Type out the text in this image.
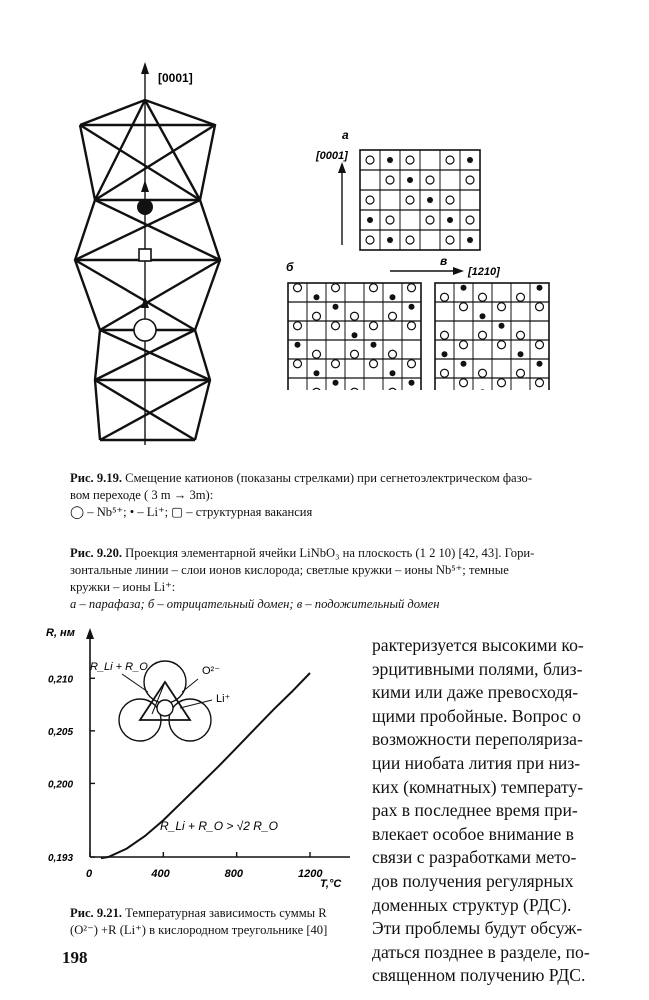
[0001]
a
[0001]
б	в
[1210]
Рис. 9.19. Смещение катионов (показаны стрелками) при сегнетоэлектрическом фазо-
вом переходе ( 3 m → 3m):
◯ – Nb⁵⁺; • – Li⁺; ▢ – структурная вакансия
Рис. 9.20. Проекция элементарной ячейки LiNbO₃ на плоскость (1 2 10) [42, 43]. Гори-
зонтальные линии – слои ионов кислорода; светлые кружки – ионы Nb⁵⁺; темные
кружки – ионы Li⁺:
а – парафаза; б – отрицательный домен; в – подожительный домен
R, нм
T,°C
0	400	800	1200
0,193
0,200
0,205
0,210
R_Li + R_O > √2 R_O
R_Li + R_O	O²⁻
Li⁺
Рис. 9.21. Температурная зависимость суммы R
(O²⁻) +R (Li⁺) в кислородном треугольнике [40]
рактеризуется высокими ко-
эрцитивными полями, близ-
кими или даже превосходя-
щими пробойные. Вопрос о
возможности переполяриза-
ции ниобата лития при низ-
ких (комнатных) температу-
рах в последнее время при-
влекает особое внимание в
связи с разработками мето-
дов получения регулярных
доменных структур (РДС).
Эти проблемы будут обсуж-
даться позднее в разделе, по-
священном получению РДС.
198
